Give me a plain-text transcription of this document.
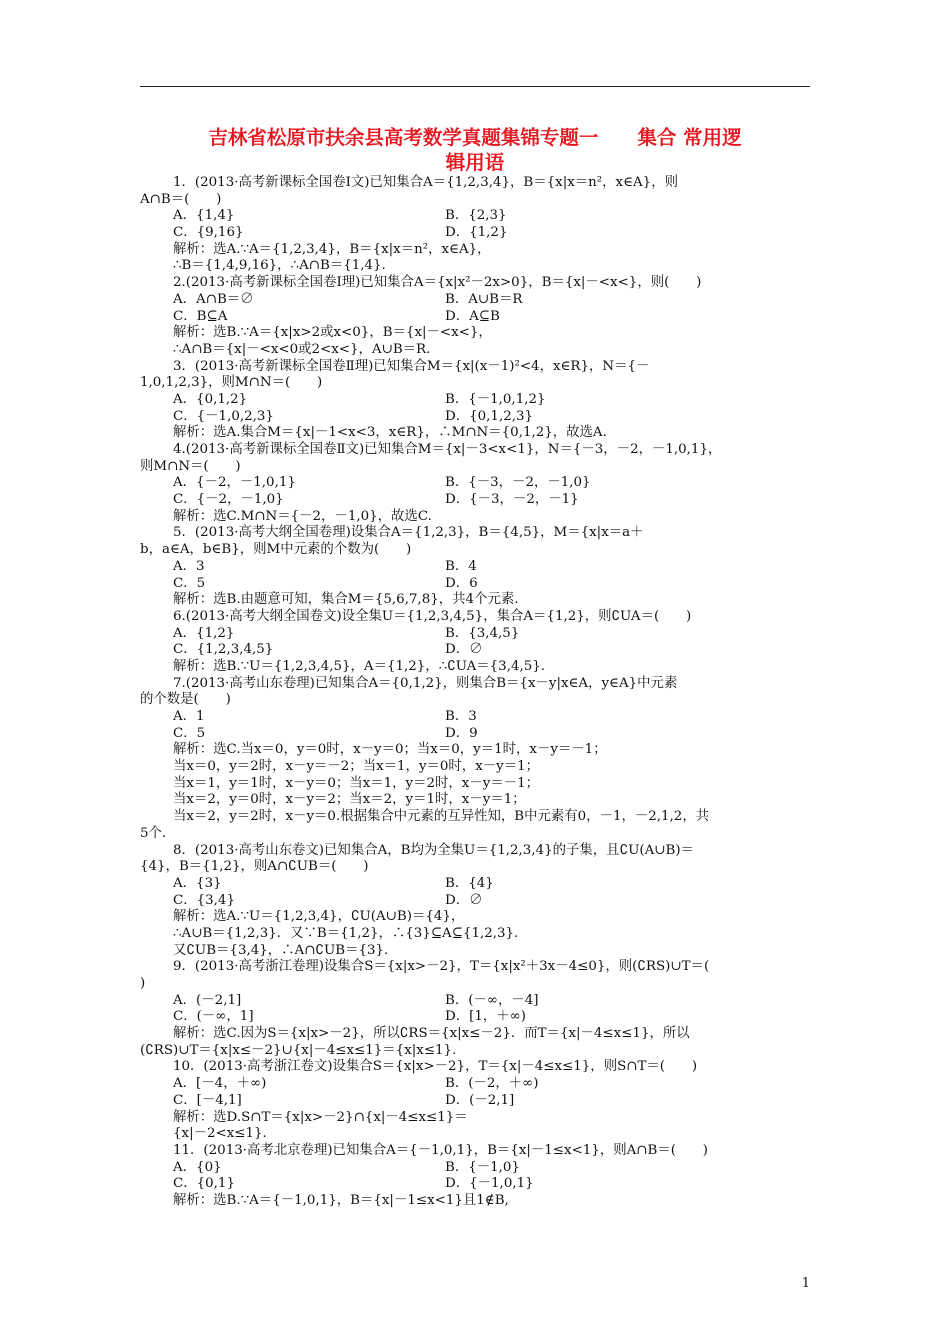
吉林省松原市扶余县高考数学真题集锦专题一　　集合 常用逻
辑用语
1．(2013·高考新课标全国卷Ⅰ文)已知集合A＝{1,2,3,4}，B＝{x|x＝n²，x∈A}，则
A∩B＝(　　)
A．{1,4}	B．{2,3}
C．{9,16}	D．{1,2}
解析：选A.∵A＝{1,2,3,4}，B＝{x|x＝n²，x∈A}，
∴B＝{1,4,9,16}，∴A∩B＝{1,4}.
2.(2013·高考新课标全国卷Ⅰ理)已知集合A＝{x|x²－2x>0}，B＝{x|－<x<}，则(　　)
A．A∩B＝∅	B．A∪B＝R
C．B⊆A	D．A⊆B
解析：选B.∵A＝{x|x>2或x<0}，B＝{x|－<x<}，
∴A∩B＝{x|－<x<0或2<x<}，A∪B＝R.
3．(2013·高考新课标全国卷Ⅱ理)已知集合M＝{x|(x－1)²<4，x∈R}，N＝{－
1,0,1,2,3}，则M∩N＝(　　)
A．{0,1,2}	B．{－1,0,1,2}
C．{－1,0,2,3}	D．{0,1,2,3}
解析：选A.集合M＝{x|－1<x<3，x∈R}，∴M∩N＝{0,1,2}，故选A.
4.(2013·高考新课标全国卷Ⅱ文)已知集合M＝{x|－3<x<1}，N＝{－3，－2，－1,0,1}，
则M∩N＝(　　)
A．{－2，－1,0,1}	B．{－3，－2，－1,0}
C．{－2，－1,0}	D．{－3，－2，－1}
解析：选C.M∩N＝{－2，－1,0}，故选C.
5．(2013·高考大纲全国卷理)设集合A＝{1,2,3}，B＝{4,5}，M＝{x|x＝a＋
b，a∈A，b∈B}，则M中元素的个数为(　　)
A．3	B．4
C．5	D．6
解析：选B.由题意可知，集合M＝{5,6,7,8}，共4个元素.
6.(2013·高考大纲全国卷文)设全集U＝{1,2,3,4,5}，集合A＝{1,2}，则∁UA＝(　　)
A．{1,2}	B．{3,4,5}
C．{1,2,3,4,5}	D．∅
解析：选B.∵U＝{1,2,3,4,5}，A＝{1,2}，∴∁UA＝{3,4,5}.
7.(2013·高考山东卷理)已知集合A＝{0,1,2}，则集合B＝{x－y|x∈A，y∈A}中元素
的个数是(　　)
A．1	B．3
C．5	D．9
解析：选C.当x＝0，y＝0时，x－y＝0；当x＝0，y＝1时，x－y＝－1；
当x＝0，y＝2时，x－y＝－2；当x＝1，y＝0时，x－y＝1；
当x＝1，y＝1时，x－y＝0；当x＝1，y＝2时，x－y＝－1；
当x＝2，y＝0时，x－y＝2；当x＝2，y＝1时，x－y＝1；
当x＝2，y＝2时，x－y＝0.根据集合中元素的互异性知，B中元素有0，－1，－2,1,2，共
5个.
8．(2013·高考山东卷文)已知集合A，B均为全集U＝{1,2,3,4}的子集，且∁U(A∪B)＝
{4}，B＝{1,2}，则A∩∁UB＝(　　)
A．{3}	B．{4}
C．{3,4}	D．∅
解析：选A.∵U＝{1,2,3,4}，∁U(A∪B)＝{4}，
∴A∪B＝{1,2,3}．又∵B＝{1,2}，∴{3}⊆A⊆{1,2,3}.
又∁UB＝{3,4}，∴A∩∁UB＝{3}.
9．(2013·高考浙江卷理)设集合S＝{x|x>－2}，T＝{x|x²＋3x－4≤0}，则(∁RS)∪T＝(
)
A．(－2,1]	B．(－∞，－4]
C．(－∞，1]	D．[1，＋∞)
解析：选C.因为S＝{x|x>－2}，所以∁RS＝{x|x≤－2}．而T＝{x|－4≤x≤1}，所以
(∁RS)∪T＝{x|x≤－2}∪{x|－4≤x≤1}＝{x|x≤1}.
10．(2013·高考浙江卷文)设集合S＝{x|x>－2}，T＝{x|－4≤x≤1}，则S∩T＝(　　)
A．[－4，＋∞)	B．(－2，＋∞)
C．[－4,1]	D．(－2,1]
解析：选D.S∩T＝{x|x>－2}∩{x|－4≤x≤1}＝
{x|－2<x≤1}.
11．(2013·高考北京卷理)已知集合A＝{－1,0,1}，B＝{x|－1≤x<1}，则A∩B＝(　　)
A．{0}	B．{－1,0}
C．{0,1}	D．{－1,0,1}
解析：选B.∵A＝{－1,0,1}，B＝{x|－1≤x<1}且1∉B,
1
